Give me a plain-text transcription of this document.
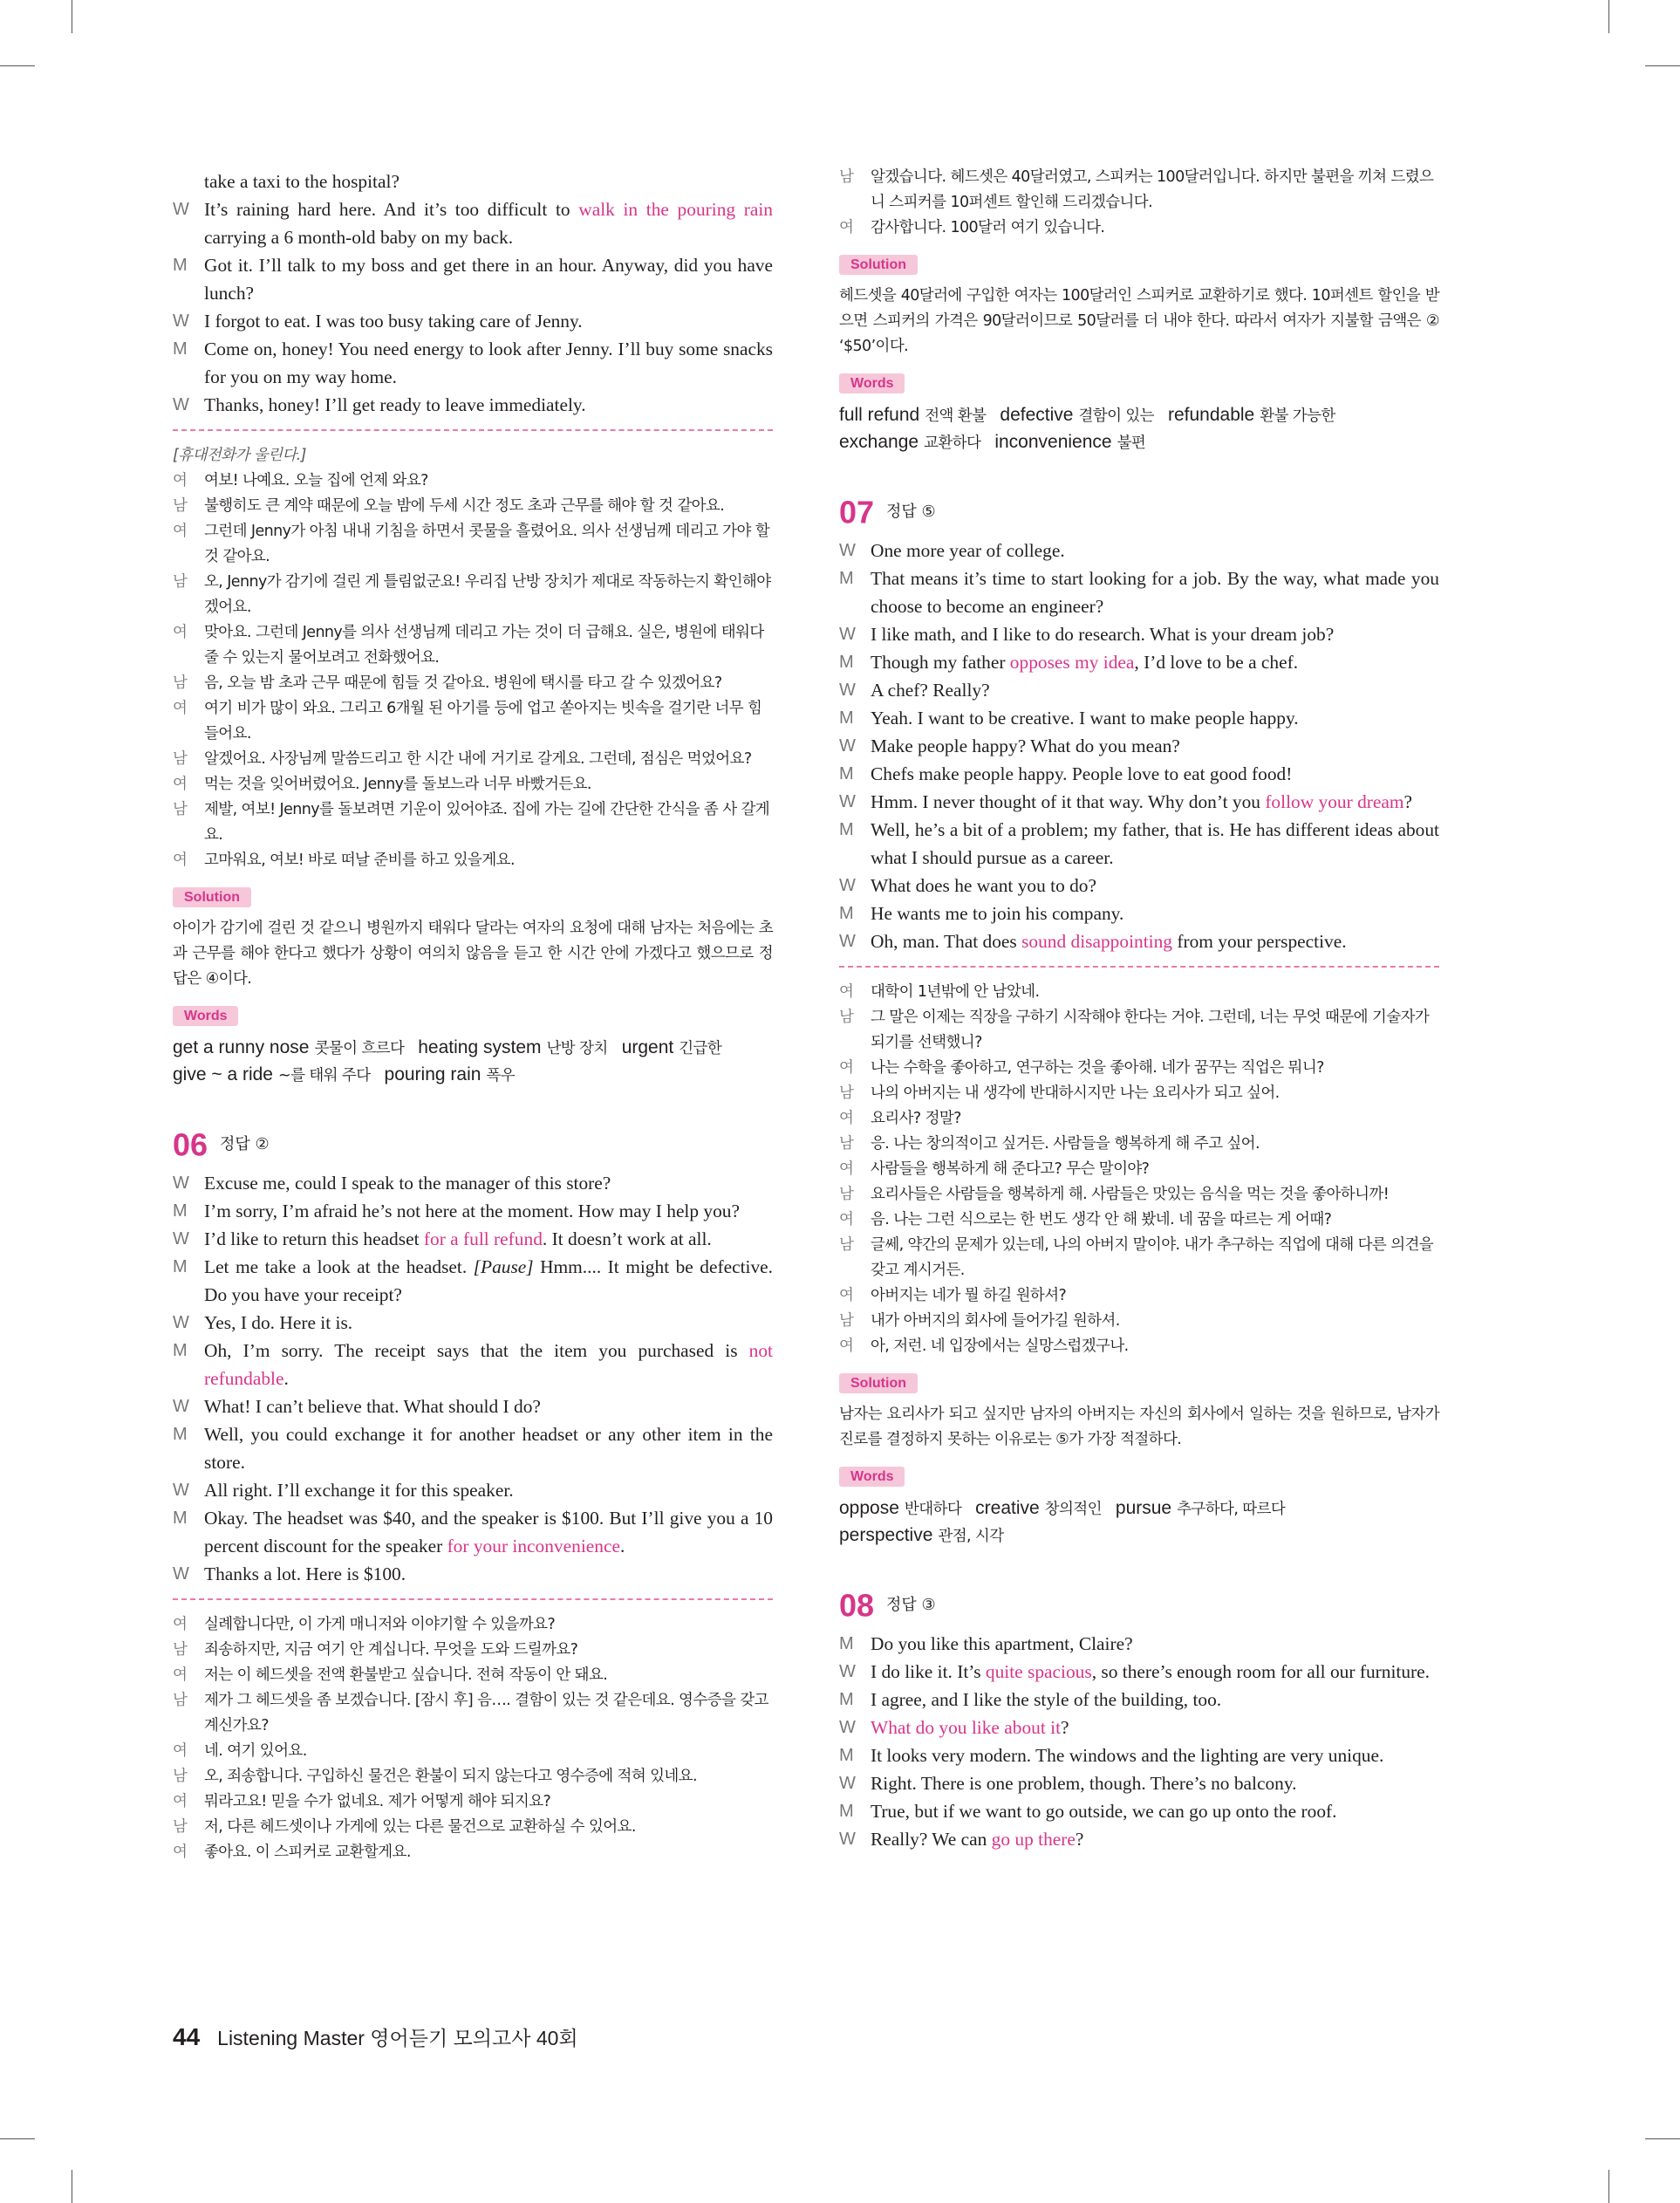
take a taxi to the hospital?
W It’s raining hard here. And it’s too difficult to walk in the pouring rain carrying a 6 month-old baby on my back.
M Got it. I’ll talk to my boss and get there in an hour. Anyway, did you have lunch?
W I forgot to eat. I was too busy taking care of Jenny.
M Come on, honey! You need energy to look after Jenny. I’ll buy some snacks for you on my way home.
W Thanks, honey! I’ll get ready to leave immediately.
[휴대전화가 울린다.]
여 여보! 나예요. 오늘 집에 언제 와요?
남 불행히도 큰 계약 때문에 오늘 밤에 두세 시간 정도 초과 근무를 해야 할 것 같아요.
여 그런데 Jenny가 아침 내내 기침을 하면서 콧물을 흘렸어요. 의사 선생님께 데리고 가야 할 것 같아요.
남 오, Jenny가 감기에 걸린 게 틀림없군요! 우리집 난방 장치가 제대로 작동하는지 확인해야겠어요.
여 맞아요. 그런데 Jenny를 의사 선생님께 데리고 가는 것이 더 급해요. 실은, 병원에 태워다 줄 수 있는지 물어보려고 전화했어요.
남 음, 오늘 밤 초과 근무 때문에 힘들 것 같아요. 병원에 택시를 타고 갈 수 있겠어요?
여 여기 비가 많이 와요. 그리고 6개월 된 아기를 등에 업고 쏟아지는 빗속을 걸기란 너무 힘들어요.
남 알겠어요. 사장님께 말씀드리고 한 시간 내에 거기로 갈게요. 그런데, 점심은 먹었어요?
여 먹는 것을 잊어버렸어요. Jenny를 돌보느라 너무 바빴거든요.
남 제발, 여보! Jenny를 돌보려면 기운이 있어야죠. 집에 가는 길에 간단한 간식을 좀 사 갈게요.
여 고마워요, 여보! 바로 떠날 준비를 하고 있을게요.
Solution
아이가 감기에 걸린 것 같으니 병원까지 태워다 달라는 여자의 요청에 대해 남자는 처음에는 초과 근무를 해야 한다고 했다가 상황이 여의치 않음을 듣고 한 시간 안에 가겠다고 했으므로 정답은 ④이다.
Words
get a runny nose 콧물이 흐르다 heating system 난방 장치 urgent 긴급한
give ~ a ride ~를 태워 주다 pouring rain 폭우
06 정답 ②
W Excuse me, could I speak to the manager of this store?
M I’m sorry, I’m afraid he’s not here at the moment. How may I help you?
W I’d like to return this headset for a full refund. It doesn’t work at all.
M Let me take a look at the headset. [Pause] Hmm.... It might be defective. Do you have your receipt?
W Yes, I do. Here it is.
M Oh, I’m sorry. The receipt says that the item you purchased is not refundable.
W What! I can’t believe that. What should I do?
M Well, you could exchange it for another headset or any other item in the store.
W All right. I’ll exchange it for this speaker.
M Okay. The headset was $40, and the speaker is $100. But I’ll give you a 10 percent discount for the speaker for your inconvenience.
W Thanks a lot. Here is $100.
여 실례합니다만, 이 가게 매니저와 이야기할 수 있을까요?
남 죄송하지만, 지금 여기 안 계십니다. 무엇을 도와 드릴까요?
여 저는 이 헤드셋을 전액 환불받고 싶습니다. 전혀 작동이 안 돼요.
남 제가 그 헤드셋을 좀 보겠습니다. [잠시 후] 음…. 결함이 있는 것 같은데요. 영수증을 갖고 계신가요?
여 네. 여기 있어요.
남 오, 죄송합니다. 구입하신 물건은 환불이 되지 않는다고 영수증에 적혀 있네요.
여 뭐라고요! 믿을 수가 없네요. 제가 어떻게 해야 되지요?
남 저, 다른 헤드셋이나 가게에 있는 다른 물건으로 교환하실 수 있어요.
여 좋아요. 이 스피커로 교환할게요.
남 알겠습니다. 헤드셋은 40달러였고, 스피커는 100달러입니다. 하지만 불편을 끼쳐 드렸으니 스피커를 10퍼센트 할인해 드리겠습니다.
여 감사합니다. 100달러 여기 있습니다.
Solution
헤드셋을 40달러에 구입한 여자는 100달러인 스피커로 교환하기로 했다. 10퍼센트 할인을 받으면 스피커의 가격은 90달러이므로 50달러를 더 내야 한다. 따라서 여자가 지불할 금액은 ② ‘$50’이다.
Words
full refund 전액 환불 defective 결함이 있는 refundable 환불 가능한
exchange 교환하다 inconvenience 불편
07 정답 ⑤
W One more year of college.
M That means it’s time to start looking for a job. By the way, what made you choose to become an engineer?
W I like math, and I like to do research. What is your dream job?
M Though my father opposes my idea, I’d love to be a chef.
W A chef? Really?
M Yeah. I want to be creative. I want to make people happy.
W Make people happy? What do you mean?
M Chefs make people happy. People love to eat good food!
W Hmm. I never thought of it that way. Why don’t you follow your dream?
M Well, he’s a bit of a problem; my father, that is. He has different ideas about what I should pursue as a career.
W What does he want you to do?
M He wants me to join his company.
W Oh, man. That does sound disappointing from your perspective.
여 대학이 1년밖에 안 남았네.
남 그 말은 이제는 직장을 구하기 시작해야 한다는 거야. 그런데, 너는 무엇 때문에 기술자가 되기를 선택했니?
여 나는 수학을 좋아하고, 연구하는 것을 좋아해. 네가 꿈꾸는 직업은 뭐니?
남 나의 아버지는 내 생각에 반대하시지만 나는 요리사가 되고 싶어.
여 요리사? 정말?
남 응. 나는 창의적이고 싶거든. 사람들을 행복하게 해 주고 싶어.
여 사람들을 행복하게 해 준다고? 무슨 말이야?
남 요리사들은 사람들을 행복하게 해. 사람들은 맛있는 음식을 먹는 것을 좋아하니까!
여 음. 나는 그런 식으로는 한 번도 생각 안 해 봤네. 네 꿈을 따르는 게 어때?
남 글쎄, 약간의 문제가 있는데, 나의 아버지 말이야. 내가 추구하는 직업에 대해 다른 의견을 갖고 계시거든.
여 아버지는 네가 뭘 하길 원하셔?
남 내가 아버지의 회사에 들어가길 원하셔.
여 아, 저런. 네 입장에서는 실망스럽겠구나.
Solution
남자는 요리사가 되고 싶지만 남자의 아버지는 자신의 회사에서 일하는 것을 원하므로, 남자가 진로를 결정하지 못하는 이유로는 ⑤가 가장 적절하다.
Words
oppose 반대하다 creative 창의적인 pursue 추구하다, 따르다
perspective 관점, 시각
08 정답 ③
M Do you like this apartment, Claire?
W I do like it. It’s quite spacious, so there’s enough room for all our furniture.
M I agree, and I like the style of the building, too.
W What do you like about it?
M It looks very modern. The windows and the lighting are very unique.
W Right. There is one problem, though. There’s no balcony.
M True, but if we want to go outside, we can go up onto the roof.
W Really? We can go up there?
44 Listening Master 영어듣기 모의고사 40회
